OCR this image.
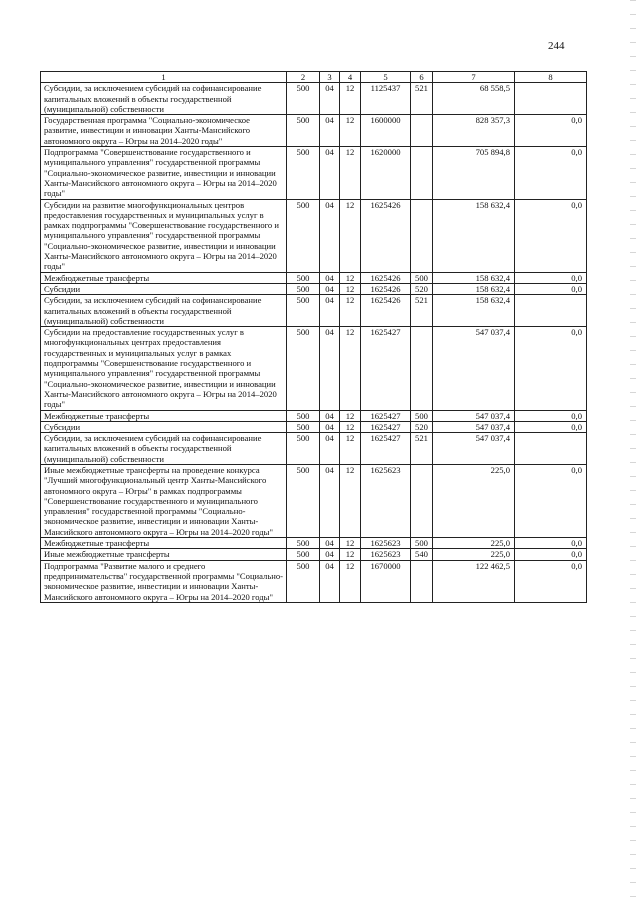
244
1	2	3	4	5	6	7	8
Субсидии, за исключением субсидий на софинансирование капитальных вложений в объекты государственной (муниципальной) собственности	500	04	12	1125437	521	68 558,5	
Государственная программа "Социально-экономическое развитие, инвестиции и инновации Ханты-Мансийского автономного округа – Югры на 2014–2020 годы"	500	04	12	1600000		828 357,3	0,0
Подпрограмма "Совершенствование государственного и муниципального управления" государственной программы "Социально-экономическое развитие, инвестиции и инновации Ханты-Мансийского автономного округа – Югры на 2014–2020 годы"	500	04	12	1620000		705 894,8	0,0
Субсидии на развитие многофункциональных центров предоставления государственных и муниципальных услуг в рамках подпрограммы "Совершенствование государственного и муниципального управления" государственной программы "Социально-экономическое развитие, инвестиции и инновации Ханты-Мансийского автономного округа – Югры на 2014–2020 годы"	500	04	12	1625426		158 632,4	0,0
Межбюджетные трансферты	500	04	12	1625426	500	158 632,4	0,0
Субсидии	500	04	12	1625426	520	158 632,4	0,0
Субсидии, за исключением субсидий на софинансирование капитальных вложений в объекты государственной (муниципальной) собственности	500	04	12	1625426	521	158 632,4	
Субсидии на предоставление государственных услуг в многофункциональных центрах предоставления государственных и муниципальных услуг в рамках подпрограммы "Совершенствование государственного и муниципального управления" государственной программы "Социально-экономическое развитие, инвестиции и инновации Ханты-Мансийского автономного округа – Югры на 2014–2020 годы"	500	04	12	1625427		547 037,4	0,0
Межбюджетные трансферты	500	04	12	1625427	500	547 037,4	0,0
Субсидии	500	04	12	1625427	520	547 037,4	0,0
Субсидии, за исключением субсидий на софинансирование капитальных вложений в объекты государственной (муниципальной) собственности	500	04	12	1625427	521	547 037,4	
Иные межбюджетные трансферты на проведение конкурса "Лучший многофункциональный центр Ханты-Мансийского автономного округа – Югры" в рамках подпрограммы "Совершенствование государственного и муниципального управления" государственной программы "Социально-экономическое развитие, инвестиции и инновации Ханты-Мансийского автономного округа – Югры на 2014–2020 годы"	500	04	12	1625623		225,0	0,0
Межбюджетные трансферты	500	04	12	1625623	500	225,0	0,0
Иные межбюджетные трансферты	500	04	12	1625623	540	225,0	0,0
Подпрограмма "Развитие малого и среднего предпринимательства" государственной программы "Социально-экономическое развитие, инвестиции и инновации Ханты-Мансийского автономного округа – Югры на 2014–2020 годы"	500	04	12	1670000		122 462,5	0,0
